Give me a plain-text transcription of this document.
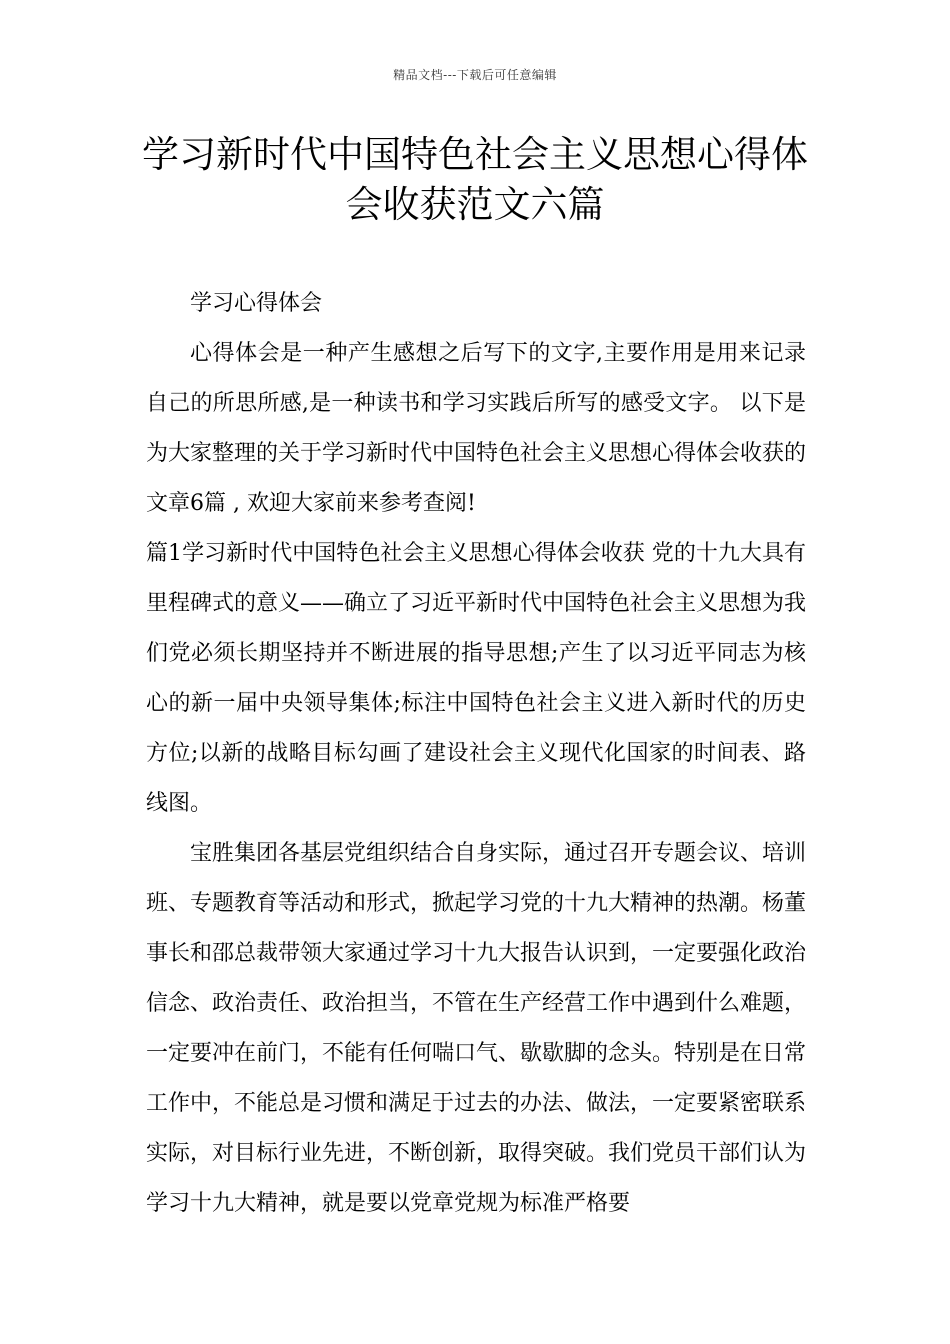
精品文档---下载后可任意编辑
学习新时代中国特色社会主义思想心得体会收获范文六篇

学习心得体会

心得体会是一种产生感想之后写下的文字,主要作用是用来记录自己的所思所感,是一种读书和学习实践后所写的感受文字。 以下是为大家整理的关于学习新时代中国特色社会主义思想心得体会收获的文章6篇 , 欢迎大家前来参考查阅!

篇1学习新时代中国特色社会主义思想心得体会收获 党的十九大具有里程碑式的意义——确立了习近平新时代中国特色社会主义思想为我们党必须长期坚持并不断进展的指导思想;产生了以习近平同志为核心的新一届中央领导集体;标注中国特色社会主义进入新时代的历史方位;以新的战略目标勾画了建设社会主义现代化国家的时间表、路线图。

宝胜集团各基层党组织结合自身实际，通过召开专题会议、培训班、专题教育等活动和形式，掀起学习党的十九大精神的热潮。杨董事长和邵总裁带领大家通过学习十九大报告认识到，一定要强化政治信念、政治责任、政治担当，不管在生产经营工作中遇到什么难题，一定要冲在前门，不能有任何喘口气、歇歇脚的念头。特别是在日常工作中，不能总是习惯和满足于过去的办法、做法，一定要紧密联系实际，对目标行业先进，不断创新，取得突破。我们党员干部们认为学习十九大精神，就是要以党章党规为标准严格要
